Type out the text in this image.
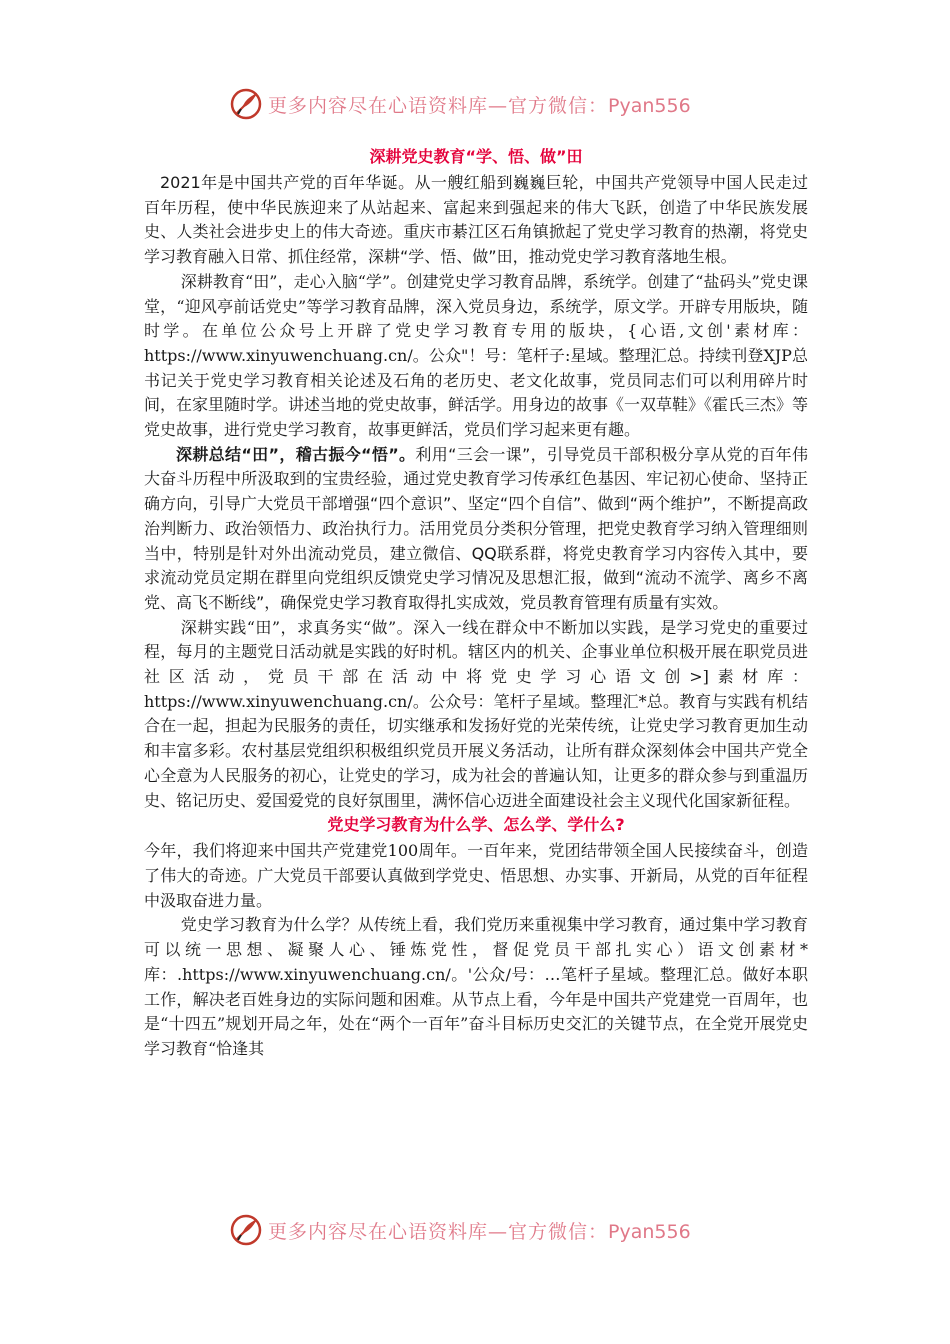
更多内容尽在心语资料库—官方微信：Pyan556
深耕党史教育“学、悟、做”田

2021年是中国共产党的百年华诞。从一艘红船到巍巍巨轮，中国共产党领导中国人民走过百年历程，使中华民族迎来了从站起来、富起来到强起来的伟大飞跃，创造了中华民族发展史、人类社会进步史上的伟大奇迹。重庆市綦江区石角镇掀起了党史学习教育的热潮，将党史学习教育融入日常、抓住经常，深耕“学、悟、做”田，推动党史学习教育落地生根。

深耕教育“田”，走心入脑“学”。创建党史学习教育品牌，系统学。创建了“盐码头”党史课堂，“迎风亭前话党史”等学习教育品牌，深入党员身边，系统学，原文学。开辟专用版块，随时学。在单位公众号上开辟了党史学习教育专用的版块，{心语,文创'素材库：https://www.xinyuwenchuang.cn/。公众"！号：笔杆子:星域。整理汇总。持续刊登XJP总书记关于党史学习教育相关论述及石角的老历史、老文化故事，党员同志们可以利用碎片时间，在家里随时学。讲述当地的党史故事，鲜活学。用身边的故事《一双草鞋》《霍氏三杰》等党史故事，进行党史学习教育，故事更鲜活，党员们学习起来更有趣。

深耕总结“田”，稽古振今“悟”。利用“三会一课”，引导党员干部积极分享从党的百年伟大奋斗历程中所汲取到的宝贵经验，通过党史教育学习传承红色基因、牢记初心使命、坚持正确方向，引导广大党员干部增强“四个意识”、坚定“四个自信”、做到“两个维护”，不断提高政治判断力、政治领悟力、政治执行力。活用党员分类积分管理，把党史教育学习纳入管理细则当中，特别是针对外出流动党员，建立微信、QQ联系群，将党史教育学习内容传入其中，要求流动党员定期在群里向党组织反馈党史学习情况及思想汇报，做到“流动不流学、离乡不离党、高飞不断线”，确保党史学习教育取得扎实成效，党员教育管理有质量有实效。

深耕实践“田”，求真务实“做”。深入一线在群众中不断加以实践，是学习党史的重要过程，每月的主题党日活动就是实践的好时机。辖区内的机关、企事业单位积极开展在职党员进社区活动，党员干部在活动中将党史学习心语文创>]素材库：https://www.xinyuwenchuang.cn/。公众号：笔杆子星域。整理汇*总。教育与实践有机结合在一起，担起为民服务的责任，切实继承和发扬好党的光荣传统，让党史学习教育更加生动和丰富多彩。农村基层党组织积极组织党员开展义务活动，让所有群众深刻体会中国共产党全心全意为人民服务的初心，让党史的学习，成为社会的普遍认知，让更多的群众参与到重温历史、铭记历史、爱国爱党的良好氛围里，满怀信心迈进全面建设社会主义现代化国家新征程。

党史学习教育为什么学、怎么学、学什么?

今年，我们将迎来中国共产党建党100周年。一百年来，党团结带领全国人民接续奋斗，创造了伟大的奇迹。广大党员干部要认真做到学党史、悟思想、办实事、开新局，从党的百年征程中汲取奋进力量。

党史学习教育为什么学？从传统上看，我们党历来重视集中学习教育，通过集中学习教育可以统一思想、凝聚人心、锤炼党性，督促党员干部扎实心）语文创素材*库：.https://www.xinyuwenchuang.cn/。'公众/号：…笔杆子星域。整理汇总。做好本职工作，解决老百姓身边的实际问题和困难。从节点上看，今年是中国共产党建党一百周年，也是“十四五”规划开局之年，处在“两个一百年”奋斗目标历史交汇的关键节点，在全党开展党史学习教育“恰逢其

更多内容尽在心语资料库—官方微信：Pyan556
